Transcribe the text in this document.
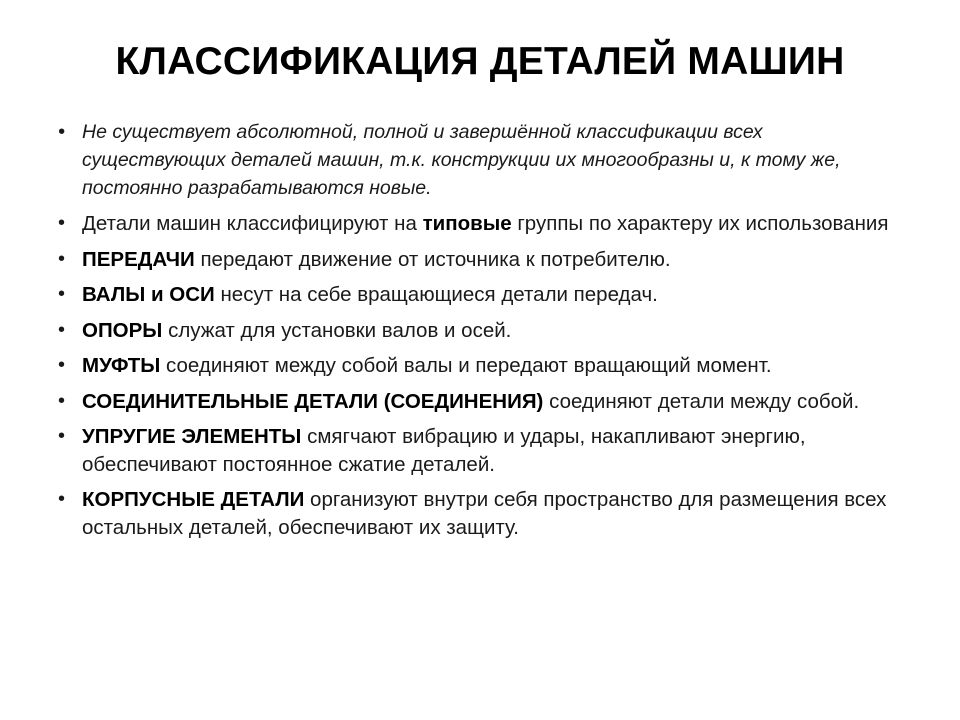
КЛАССИФИКАЦИЯ ДЕТАЛЕЙ МАШИН
• Не существует абсолютной, полной и завершённой классификации всех существующих деталей машин, т.к. конструкции их многообразны и, к тому же, постоянно разрабатываются новые.
• Детали машин классифицируют на типовые группы по характеру их использования
• ПЕРЕДАЧИ передают движение от источника к потребителю.
• ВАЛЫ и ОСИ несут на себе вращающиеся детали передач.
• ОПОРЫ служат для установки валов и осей.
• МУФТЫ соединяют между собой валы и передают вращающий момент.
• СОЕДИНИТЕЛЬНЫЕ ДЕТАЛИ (СОЕДИНЕНИЯ) соединяют детали между собой.
• УПРУГИЕ ЭЛЕМЕНТЫ смягчают вибрацию и удары, накапливают энергию, обеспечивают постоянное сжатие деталей.
• КОРПУСНЫЕ ДЕТАЛИ организуют внутри себя пространство для размещения всех остальных деталей, обеспечивают их защиту.
